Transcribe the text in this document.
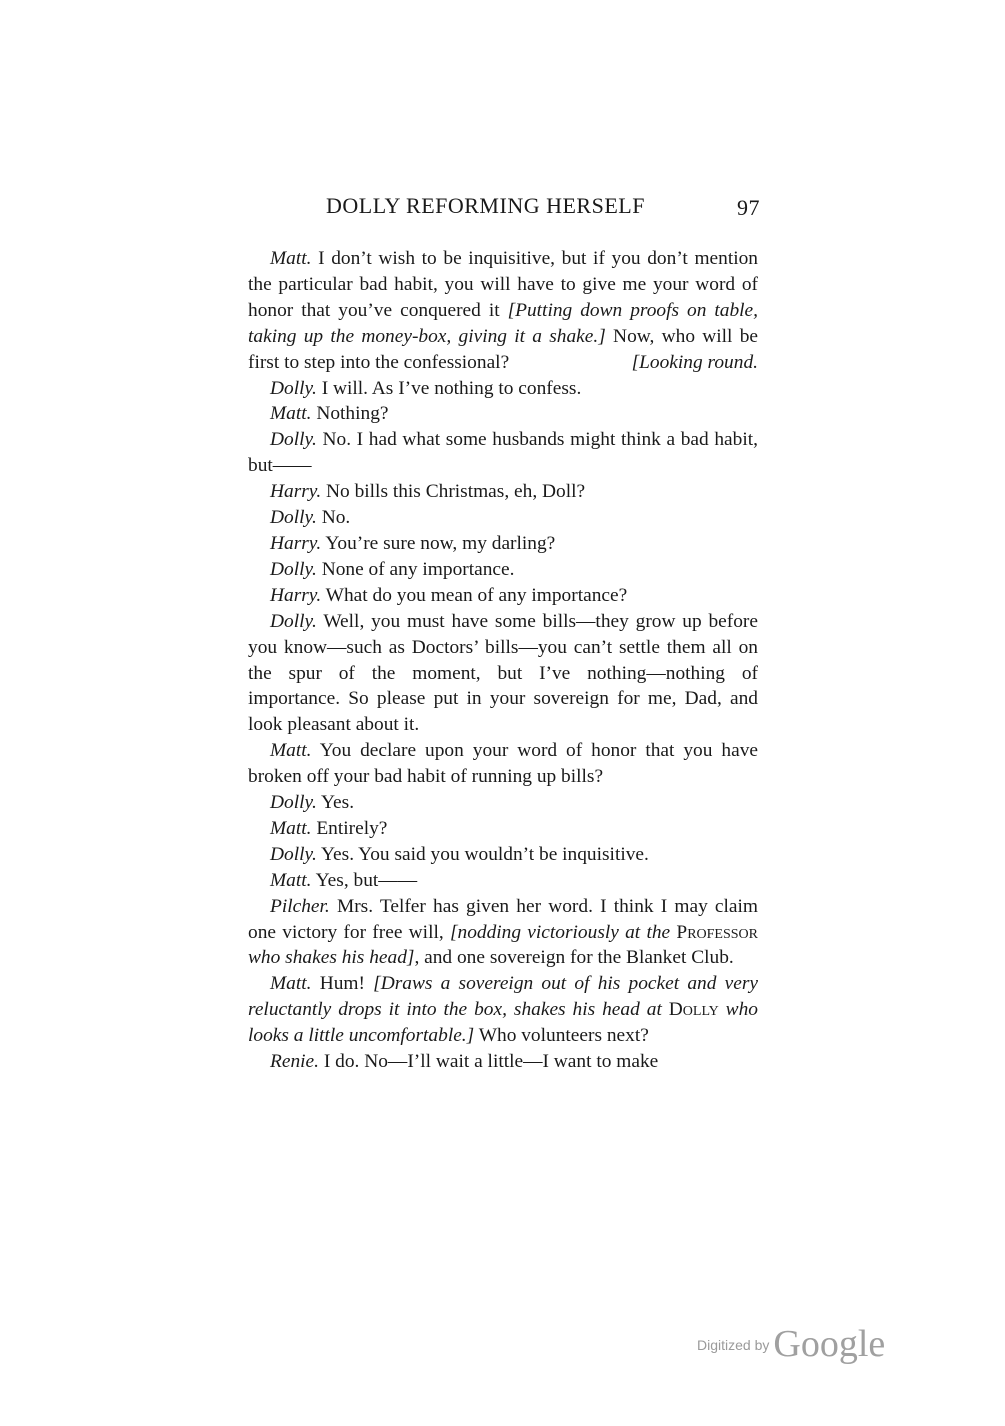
DOLLY REFORMING HERSELF	97

Matt. I don’t wish to be inquisitive, but if you don’t mention the particular bad habit, you will have to give me your word of honor that you’ve conquered it [Putting down proofs on table, taking up the money-box, giving it a shake.] Now, who will be first to step into the confessional?	[Looking round.

Dolly. I will. As I’ve nothing to confess.

Matt. Nothing?

Dolly. No. I had what some husbands might think a bad habit, but——

Harry. No bills this Christmas, eh, Doll?

Dolly. No.

Harry. You’re sure now, my darling?

Dolly. None of any importance.

Harry. What do you mean of any importance?

Dolly. Well, you must have some bills—they grow up before you know—such as Doctors’ bills—you can’t settle them all on the spur of the moment, but I’ve nothing—nothing of importance. So please put in your sovereign for me, Dad, and look pleasant about it.

Matt. You declare upon your word of honor that you have broken off your bad habit of running up bills?

Dolly. Yes.

Matt. Entirely?

Dolly. Yes. You said you wouldn’t be inquisitive.

Matt. Yes, but——

Pilcher. Mrs. Telfer has given her word. I think I may claim one victory for free will, [nodding victoriously at the Professor who shakes his head], and one sovereign for the Blanket Club.

Matt. Hum! [Draws a sovereign out of his pocket and very reluctantly drops it into the box, shakes his head at Dolly who looks a little uncomfortable.] Who volunteers next?

Renie. I do. No—I’ll wait a little—I want to make

Digitized by Google
